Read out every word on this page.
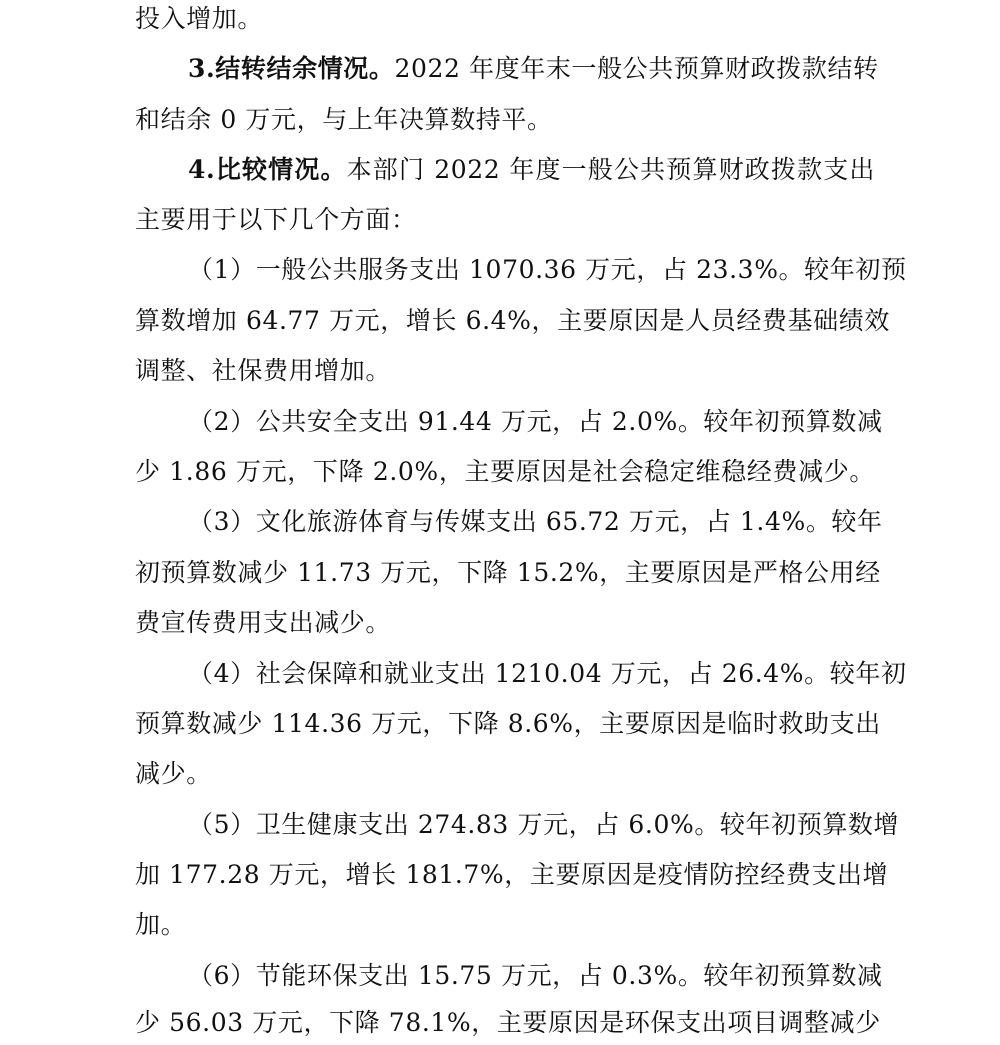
投入增加。
3.结转结余情况。2022 年度年末一般公共预算财政拨款结转
和结余 0 万元，与上年决算数持平。
4.比较情况。本部门 2022 年度一般公共预算财政拨款支出
主要用于以下几个方面：
（1）一般公共服务支出 1070.36 万元，占 23.3%。较年初预
算数增加 64.77 万元，增长 6.4%，主要原因是人员经费基础绩效
调整、社保费用增加。
（2）公共安全支出 91.44 万元，占 2.0%。较年初预算数减
少 1.86 万元，下降 2.0%，主要原因是社会稳定维稳经费减少。
（3）文化旅游体育与传媒支出 65.72 万元，占 1.4%。较年
初预算数减少 11.73 万元，下降 15.2%，主要原因是严格公用经
费宣传费用支出减少。
（4）社会保障和就业支出 1210.04 万元，占 26.4%。较年初
预算数减少 114.36 万元，下降 8.6%，主要原因是临时救助支出
减少。
（5）卫生健康支出 274.83 万元，占 6.0%。较年初预算数增
加 177.28 万元，增长 181.7%，主要原因是疫情防控经费支出增
加。
（6）节能环保支出 15.75 万元，占 0.3%。较年初预算数减
少 56.03 万元，下降 78.1%，主要原因是环保支出项目调整减少
